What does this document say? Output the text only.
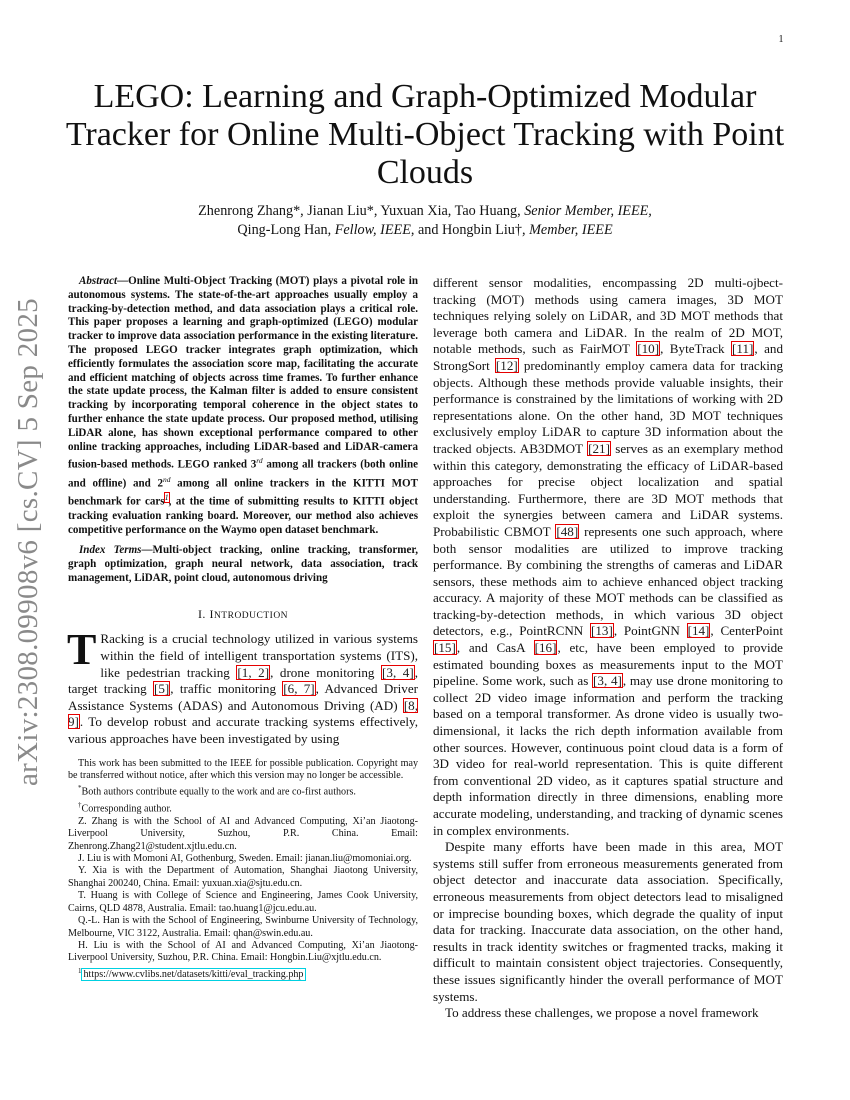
1
arXiv:2308.09908v6 [cs.CV] 5 Sep 2025
LEGO: Learning and Graph-Optimized Modular Tracker for Online Multi-Object Tracking with Point Clouds
Zhenrong Zhang*, Jianan Liu*, Yuxuan Xia, Tao Huang, Senior Member, IEEE,
Qing-Long Han, Fellow, IEEE, and Hongbin Liu†, Member, IEEE

Abstract—Online Multi-Object Tracking (MOT) plays a pivotal role in autonomous systems. The state-of-the-art approaches usually employ a tracking-by-detection method, and data association plays a critical role. This paper proposes a learning and graph-optimized (LEGO) modular tracker to improve data association performance in the existing literature. The proposed LEGO tracker integrates graph optimization, which efficiently formulates the association score map, facilitating the accurate and efficient matching of objects across time frames. To further enhance the state update process, the Kalman filter is added to ensure consistent tracking by incorporating temporal coherence in the object states to further enhance the state update process. Our proposed method, utilising LiDAR alone, has shown exceptional performance compared to other online tracking approaches, including LiDAR-based and LiDAR-camera fusion-based methods. LEGO ranked 3rd among all trackers (both online and offline) and 2nd among all online trackers in the KITTI MOT benchmark for cars$^1$, at the time of submitting results to KITTI object tracking evaluation ranking board. Moreover, our method also achieves competitive performance on the Waymo open dataset benchmark.

Index Terms—Multi-object tracking, online tracking, transformer, graph optimization, graph neural network, data association, track management, LiDAR, point cloud, autonomous driving

I. INTRODUCTION

T Racking is a crucial technology utilized in various systems within the field of intelligent transportation systems (ITS), like pedestrian tracking [1, 2], drone monitoring [3, 4], target tracking [5], traffic monitoring [6, 7], Advanced Driver Assistance Systems (ADAS) and Autonomous Driving (AD) [8, 9]. To develop robust and accurate tracking systems effectively, various approaches have been investigated by using

This work has been submitted to the IEEE for possible publication. Copyright may be transferred without notice, after which this version may no longer be accessible.

*Both authors contribute equally to the work and are co-first authors.

†Corresponding author.

Z. Zhang is with the School of AI and Advanced Computing, Xi’an Jiaotong-Liverpool University, Suzhou, P.R. China. Email: Zhenrong.Zhang21@student.xjtlu.edu.cn.

J. Liu is with Momoni AI, Gothenburg, Sweden. Email: jianan.liu@momoniai.org.

Y. Xia is with the Department of Automation, Shanghai Jiaotong University, Shanghai 200240, China. Email: yuxuan.xia@sjtu.edu.cn.

T. Huang is with College of Science and Engineering, James Cook University, Cairns, QLD 4878, Australia. Email: tao.huang1@jcu.edu.au.

Q.-L. Han is with the School of Engineering, Swinburne University of Technology, Melbourne, VIC 3122, Australia. Email: qhan@swin.edu.au.

H. Liu is with the School of AI and Advanced Computing, Xi’an Jiaotong-Liverpool University, Suzhou, P.R. China. Email: Hongbin.Liu@xjtlu.edu.cn.

$^1$ https://www.cvlibs.net/datasets/kitti/eval_tracking.php

different sensor modalities, encompassing 2D multi-ojbect-tracking (MOT) methods using camera images, 3D MOT techniques relying solely on LiDAR, and 3D MOT methods that leverage both camera and LiDAR. In the realm of 2D MOT, notable methods, such as FairMOT [10], ByteTrack [11], and StrongSort [12] predominantly employ camera data for tracking objects. Although these methods provide valuable insights, their performance is constrained by the limitations of working with 2D representations alone. On the other hand, 3D MOT techniques exclusively employ LiDAR to capture 3D information about the tracked objects. AB3DMOT [21] serves as an exemplary method within this category, demonstrating the efficacy of LiDAR-based approaches for precise object localization and spatial understanding. Furthermore, there are 3D MOT methods that exploit the synergies between camera and LiDAR systems. Probabilistic CBMOT [48] represents one such approach, where both sensor modalities are utilized to improve tracking performance. By combining the strengths of cameras and LiDAR sensors, these methods aim to achieve enhanced object tracking accuracy. A majority of these MOT methods can be classified as tracking-by-detection methods, in which various 3D object detectors, e.g., PointRCNN [13], PointGNN [14], CenterPoint [15], and CasA [16], etc, have been employed to provide estimated bounding boxes as measurements input to the MOT pipeline. Some work, such as [3, 4], may use drone monitoring to collect 2D video image information and perform the tracking based on a temporal transformer. As drone video is usually two-dimensional, it lacks the rich depth information available from other sources. However, continuous point cloud data is a form of 3D video for real-world representation. This is quite different from conventional 2D video, as it captures spatial structure and depth information directly in three dimensions, enabling more accurate modeling, understanding, and tracking of dynamic scenes in complex environments.

Despite many efforts have been made in this area, MOT systems still suffer from erroneous measurements generated from object detector and inaccurate data association. Specifically, erroneous measurements from object detectors lead to misaligned or imprecise bounding boxes, which degrade the quality of input data for tracking. Inaccurate data association, on the other hand, results in track identity switches or fragmented tracks, making it difficult to maintain consistent object trajectories. Consequently, these issues significantly hinder the overall performance of MOT systems.

To address these challenges, we propose a novel framework
